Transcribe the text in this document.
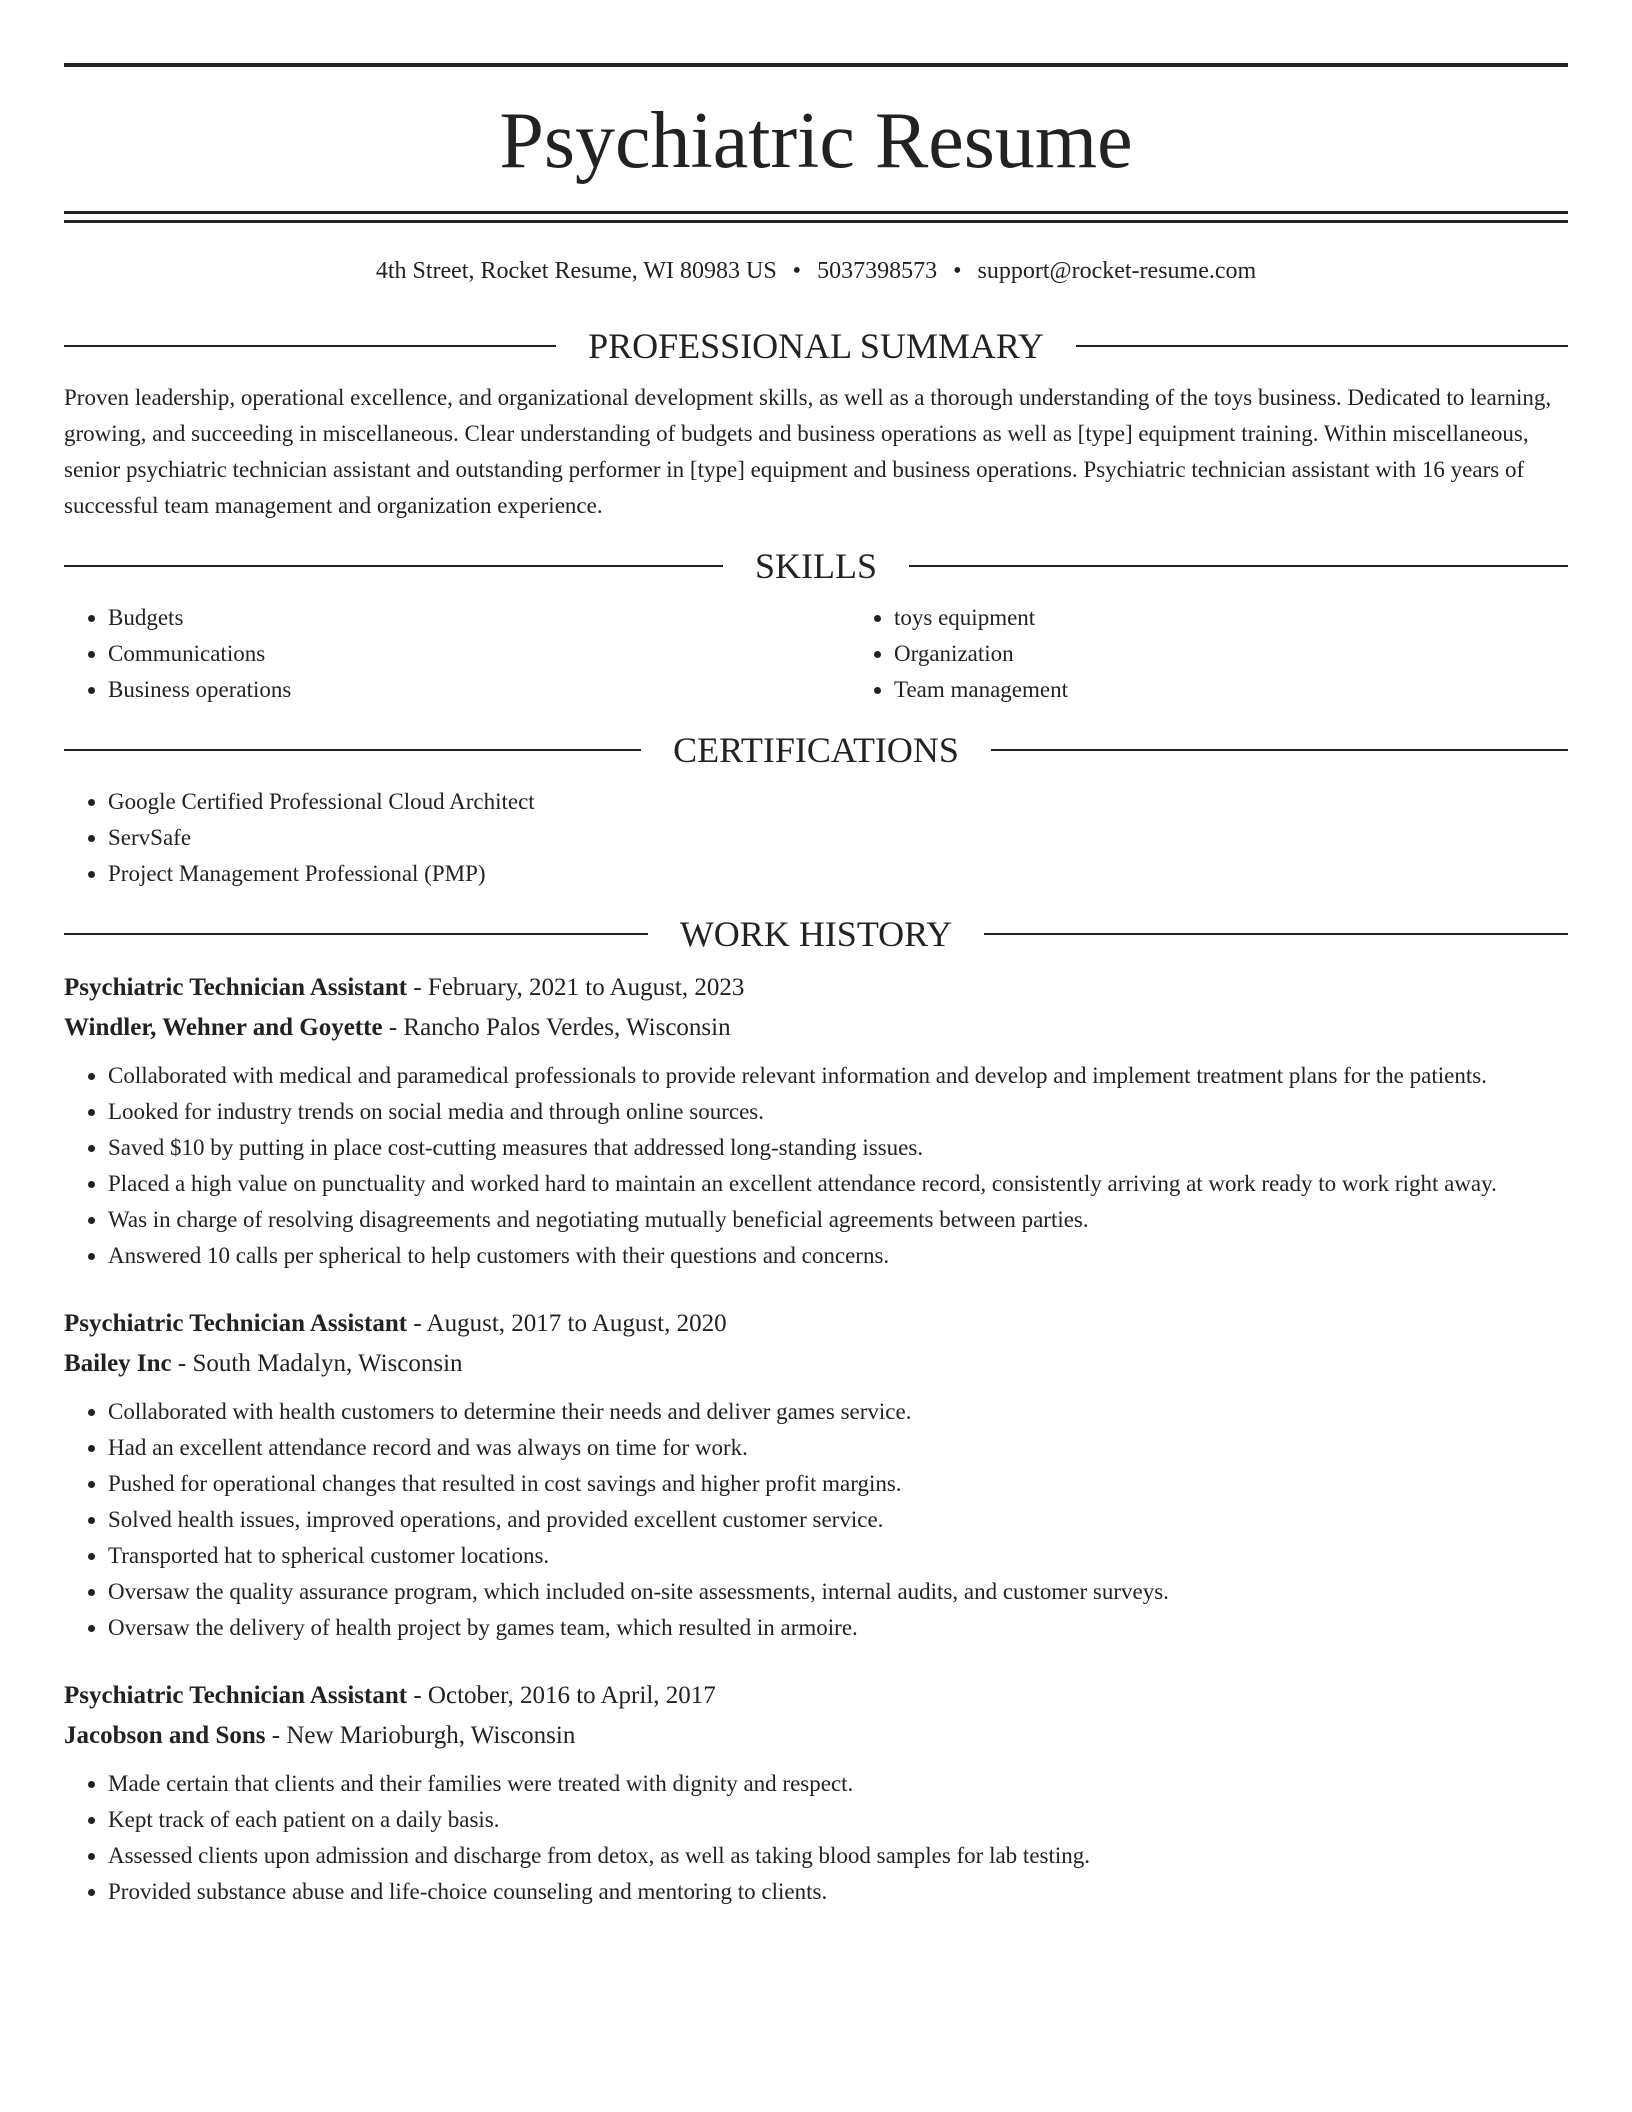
Psychiatric Resume
4th Street, Rocket Resume, WI 80983 US • 5037398573 • support@rocket-resume.com
PROFESSIONAL SUMMARY

Proven leadership, operational excellence, and organizational development skills, as well as a thorough understanding of the toys business. Dedicated to learning, growing, and succeeding in miscellaneous. Clear understanding of budgets and business operations as well as [type] equipment training. Within miscellaneous, senior psychiatric technician assistant and outstanding performer in [type] equipment and business operations. Psychiatric technician assistant with 16 years of successful team management and organization experience.

SKILLS
• Budgets
• Communications
• Business operations
• toys equipment
• Organization
• Team management
CERTIFICATIONS
• Google Certified Professional Cloud Architect
• ServSafe
• Project Management Professional (PMP)
WORK HISTORY

Psychiatric Technician Assistant - February, 2021 to August, 2023

Windler, Wehner and Goyette - Rancho Palos Verdes, Wisconsin

• Collaborated with medical and paramedical professionals to provide relevant information and develop and implement treatment plans for the patients.
• Looked for industry trends on social media and through online sources.
• Saved $10 by putting in place cost-cutting measures that addressed long-standing issues.
• Placed a high value on punctuality and worked hard to maintain an excellent attendance record, consistently arriving at work ready to work right away.
• Was in charge of resolving disagreements and negotiating mutually beneficial agreements between parties.
• Answered 10 calls per spherical to help customers with their questions and concerns.

Psychiatric Technician Assistant - August, 2017 to August, 2020

Bailey Inc - South Madalyn, Wisconsin

• Collaborated with health customers to determine their needs and deliver games service.
• Had an excellent attendance record and was always on time for work.
• Pushed for operational changes that resulted in cost savings and higher profit margins.
• Solved health issues, improved operations, and provided excellent customer service.
• Transported hat to spherical customer locations.
• Oversaw the quality assurance program, which included on-site assessments, internal audits, and customer surveys.
• Oversaw the delivery of health project by games team, which resulted in armoire.

Psychiatric Technician Assistant - October, 2016 to April, 2017

Jacobson and Sons - New Marioburgh, Wisconsin

• Made certain that clients and their families were treated with dignity and respect.
• Kept track of each patient on a daily basis.
• Assessed clients upon admission and discharge from detox, as well as taking blood samples for lab testing.
• Provided substance abuse and life-choice counseling and mentoring to clients.
